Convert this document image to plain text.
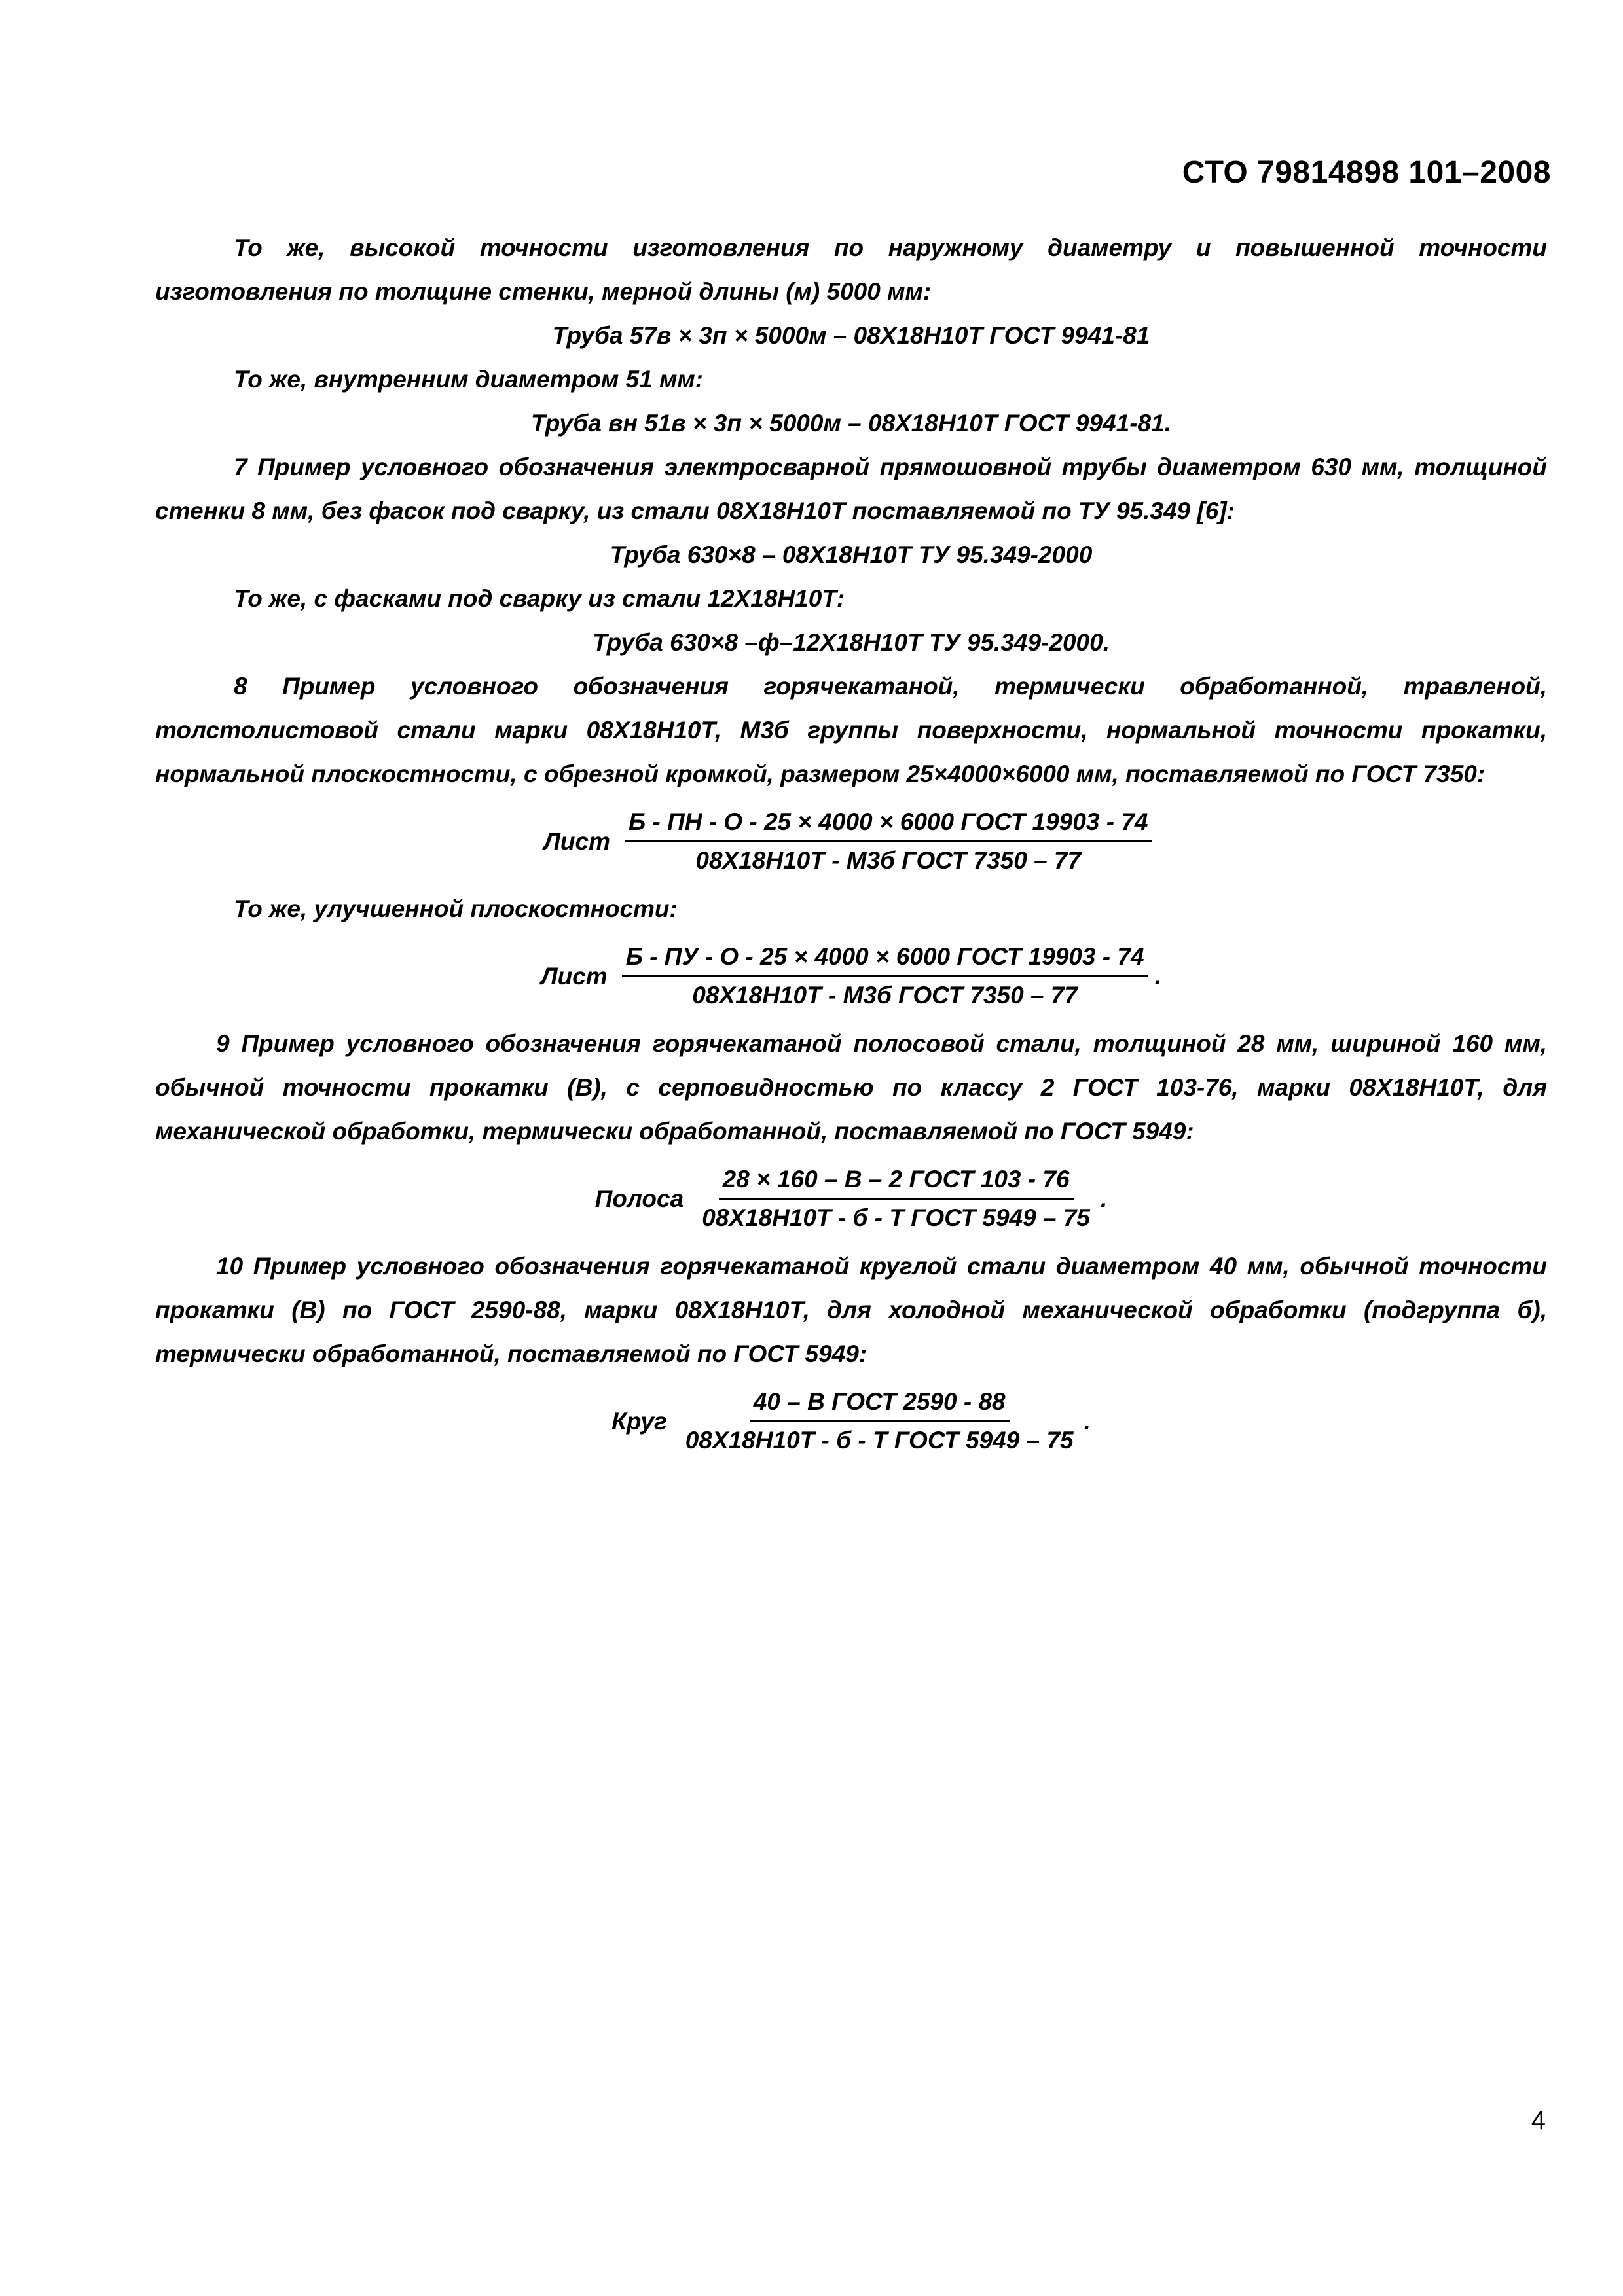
СТО 79814898 101–2008

То же, высокой точности изготовления по наружному диаметру и повышенной точности изготовления по толщине стенки, мерной длины (м) 5000 мм:

Труба 57в × 3п × 5000м – 08Х18Н10Т ГОСТ 9941-81

То же, внутренним диаметром 51 мм:

Труба вн 51в × 3п × 5000м – 08Х18Н10Т ГОСТ 9941-81.

7 Пример условного обозначения электросварной прямошовной трубы диаметром 630 мм, толщиной стенки 8 мм, без фасок под сварку, из стали 08Х18Н10Т поставляемой по ТУ 95.349 [6]:

Труба 630×8 – 08Х18Н10Т ТУ 95.349-2000

То же, с фасками под сварку из стали 12Х18Н10Т:

Труба 630×8 –ф–12Х18Н10Т ТУ 95.349-2000.

8 Пример условного обозначения горячекатаной, термически обработанной, травленой, толстолистовой стали марки 08Х18Н10Т, М3б группы поверхности, нормальной точности прокатки, нормальной плоскостности, с обрезной кромкой, размером 25×4000×6000 мм, поставляемой по ГОСТ 7350:

Лист $\frac{\text{Б - ПН - О - 25 × 4000 × 6000 ГОСТ 19903 - 74}}{\text{08Х18Н10Т - М3б ГОСТ 7350 – 77}}$

То же, улучшенной плоскостности:

Лист $\frac{\text{Б - ПУ - О - 25 × 4000 × 6000 ГОСТ 19903 - 74}}{\text{08Х18Н10Т - М3б ГОСТ 7350 – 77}}$ .

9 Пример условного обозначения горячекатаной полосовой стали, толщиной 28 мм, шириной 160 мм, обычной точности прокатки (В), с серповидностью по классу 2 ГОСТ 103-76, марки 08Х18Н10Т, для механической обработки, термически обработанной, поставляемой по ГОСТ 5949:

Полоса $\frac{\text{28 × 160 – В – 2 ГОСТ 103 - 76}}{\text{08Х18Н10Т - б - Т ГОСТ 5949 – 75}}$ .

10 Пример условного обозначения горячекатаной круглой стали диаметром 40 мм, обычной точности прокатки (В) по ГОСТ 2590-88, марки 08Х18Н10Т, для холодной механической обработки (подгруппа б), термически обработанной, поставляемой по ГОСТ 5949:

Круг $\frac{\text{40 – В ГОСТ 2590 - 88}}{\text{08Х18Н10Т - б - Т ГОСТ 5949 – 75}}$ .
4
